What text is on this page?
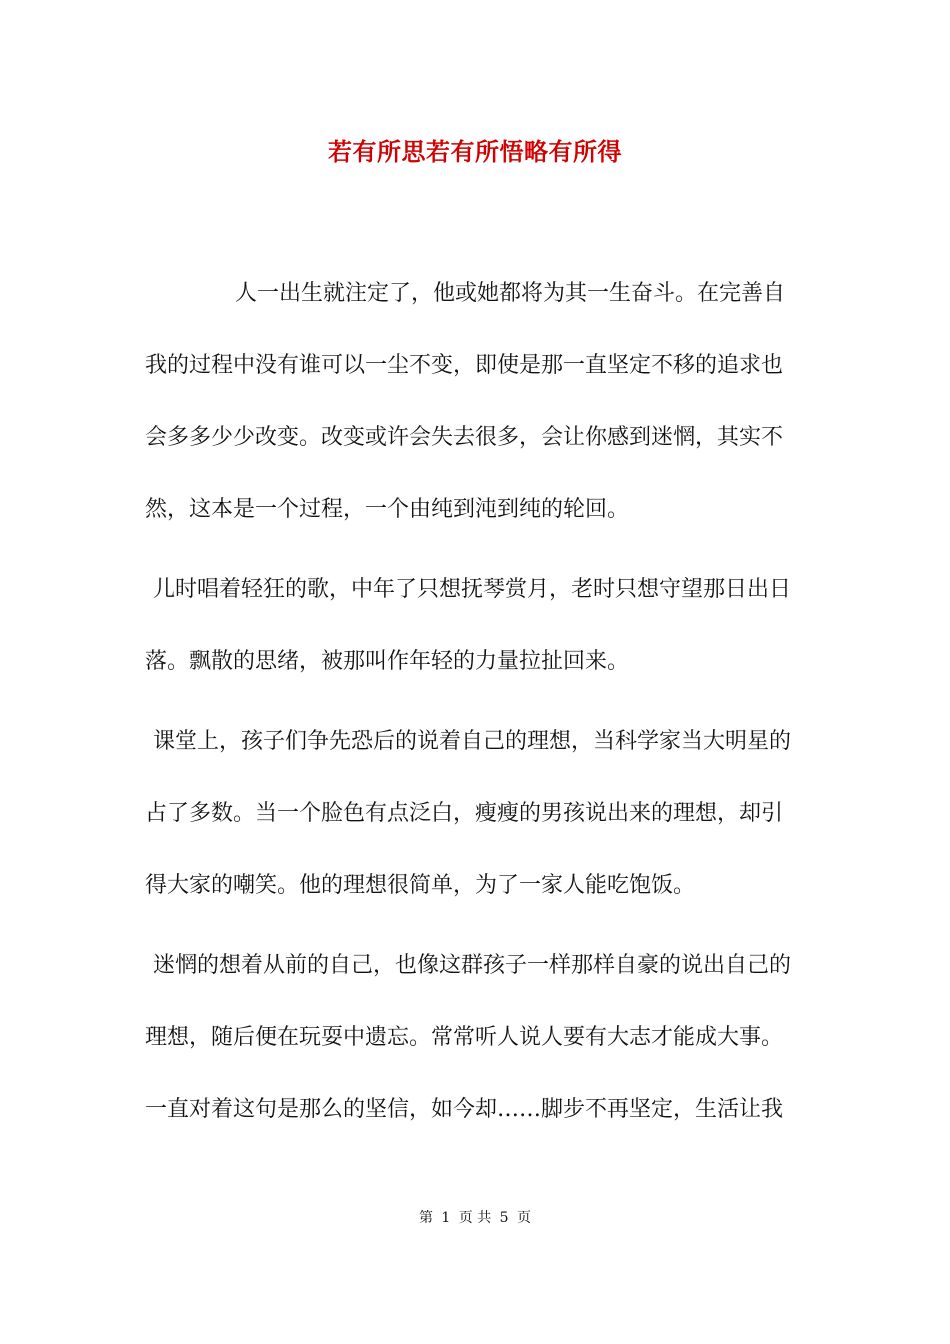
若有所思若有所悟略有所得
人一出生就注定了，他或她都将为其一生奋斗。在完善自
我的过程中没有谁可以一尘不变，即使是那一直坚定不移的追求也
会多多少少改变。改变或许会失去很多，会让你感到迷惘，其实不
然，这本是一个过程，一个由纯到沌到纯的轮回。
儿时唱着轻狂的歌，中年了只想抚琴赏月，老时只想守望那日出日
落。飘散的思绪，被那叫作年轻的力量拉扯回来。
课堂上，孩子们争先恐后的说着自己的理想，当科学家当大明星的
占了多数。当一个脸色有点泛白，瘦瘦的男孩说出来的理想，却引
得大家的嘲笑。他的理想很简单，为了一家人能吃饱饭。
迷惘的想着从前的自己，也像这群孩子一样那样自豪的说出自己的
理想，随后便在玩耍中遗忘。常常听人说人要有大志才能成大事。
一直对着这句是那么的坚信，如今却……脚步不再坚定，生活让我
第 1 页 共 5 页
